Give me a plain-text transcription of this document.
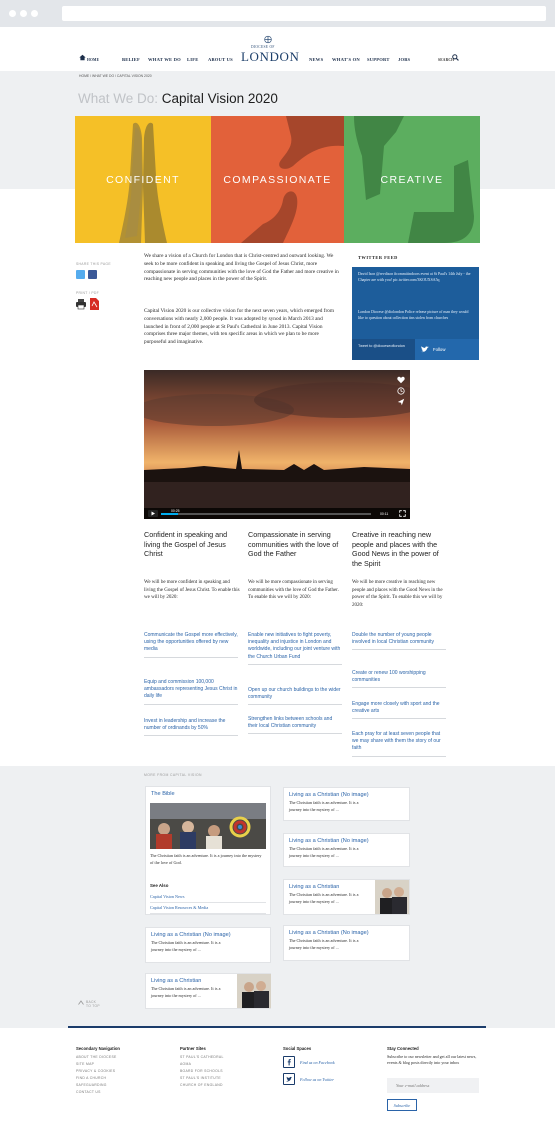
HOME	BELIEF WHAT WE DO LIFE ABOUT US
DIOCESE OF
LONDON NEWS WHAT'S ON SUPPORT JOBS	SEARCH
HOME / WHAT WE DO / CAPITAL VISION 2020
What We Do: Capital Vision 2020
CONFIDENT	COMPASSIONATE	CREATIVE
SHARE THIS PAGE
PRINT / PDF

We share a vision of a Church for London that is Christ-centred and outward looking. We seek to be more confident in speaking and living the Gospel of Jesus Christ, more compassionate in serving communities with the love of God the Father and more creative in reaching new people and places in the power of the Spirit.

Capital Vision 2020 is our collective vision for the next seven years, which emerged from conversations with nearly 2,000 people. It was adopted by synod in March 2013 and launched in front of 2,000 people at St Paul's Cathedral in June 2013. Capital Vision comprises three major themes, with ten specific areas in which we plan to be more purposeful and imaginative.

TWITTER FEED
David Ison @revdison #commitindoors event at St Paul's 14th July - the Chapter are with you! pic.twitter.com/3KOUXSA5q
London Diocese @diolondon Police release picture of man they would like to question about collection tins stolen from churches
Tweet to @dioceseoflondon
Follow
00:25
00:11
Confident in speaking and living the Gospel of Jesus Christ
We will be more confident in speaking and living the Gospel of Jesus Christ. To enable this we will by 2020:
Communicate the Gospel more effectively, using the opportunities offered by new media
Equip and commission 100,000 ambassadors representing Jesus Christ in daily life
Invest in leadership and increase the number of ordinands by 50%
Compassionate in serving communities with the love of God the Father
We will be more compassionate in serving communities with the love of God the Father. To enable this we will by 2020:
Enable new initiatives to fight poverty, inequality and injustice in London and worldwide, including our joint venture with the Church Urban Fund
Open up our church buildings to the wider community
Strengthen links between schools and their local Christian community
Creative in reaching new people and places with the Good News in the power of the Spirit
We will be more creative in reaching new people and places with the Good News in the power of the Spirit. To enable this we will by 2020:
Double the number of young people involved in local Christian community
Create or renew 100 worshipping communities
Engage more closely with sport and the creative arts
Each pray for at least seven people that we may share with them the story of our faith
MORE FROM CAPITAL VISION
The Bible
The Christian faith is an adventure. It is a journey into the mystery of the love of God.
See Also
Capital Vision News
Capital Vision Resources & Media
Living as a Christian (No image)
The Christian faith is an adventure. It is a journey into the mystery of ...
Living as a Christian (No image)
The Christian faith is an adventure. It is a journey into the mystery of ...
Living as a Christian
The Christian faith is an adventure. It is a journey into the mystery of ...
Living as a Christian (No image)
The Christian faith is an adventure. It is a journey into the mystery of ...
Living as a Christian (No image)
The Christian faith is an adventure. It is a journey into the mystery of ...
Living as a Christian
The Christian faith is an adventure. It is a journey into the mystery of ...
BACK
TO TOP
Secondary Navigation
ABOUT THE DIOCESE
SITE MAP
PRIVACY & COOKIES
FIND A CHURCH
SAFEGUARDING
CONTACT US
Partner Sites
ST PAUL'S CATHEDRAL
AOMA
BOARD FOR SCHOOLS
ST PAUL'S INSTITUTE
CHURCH OF ENGLAND
Social Spaces
Find us on Facebook
Follow us on Twitter
Stay Connected
Subscribe to our newsletter and get all our latest news, events & blog posts directly into your inbox
Your e-mail address
Subscribe
